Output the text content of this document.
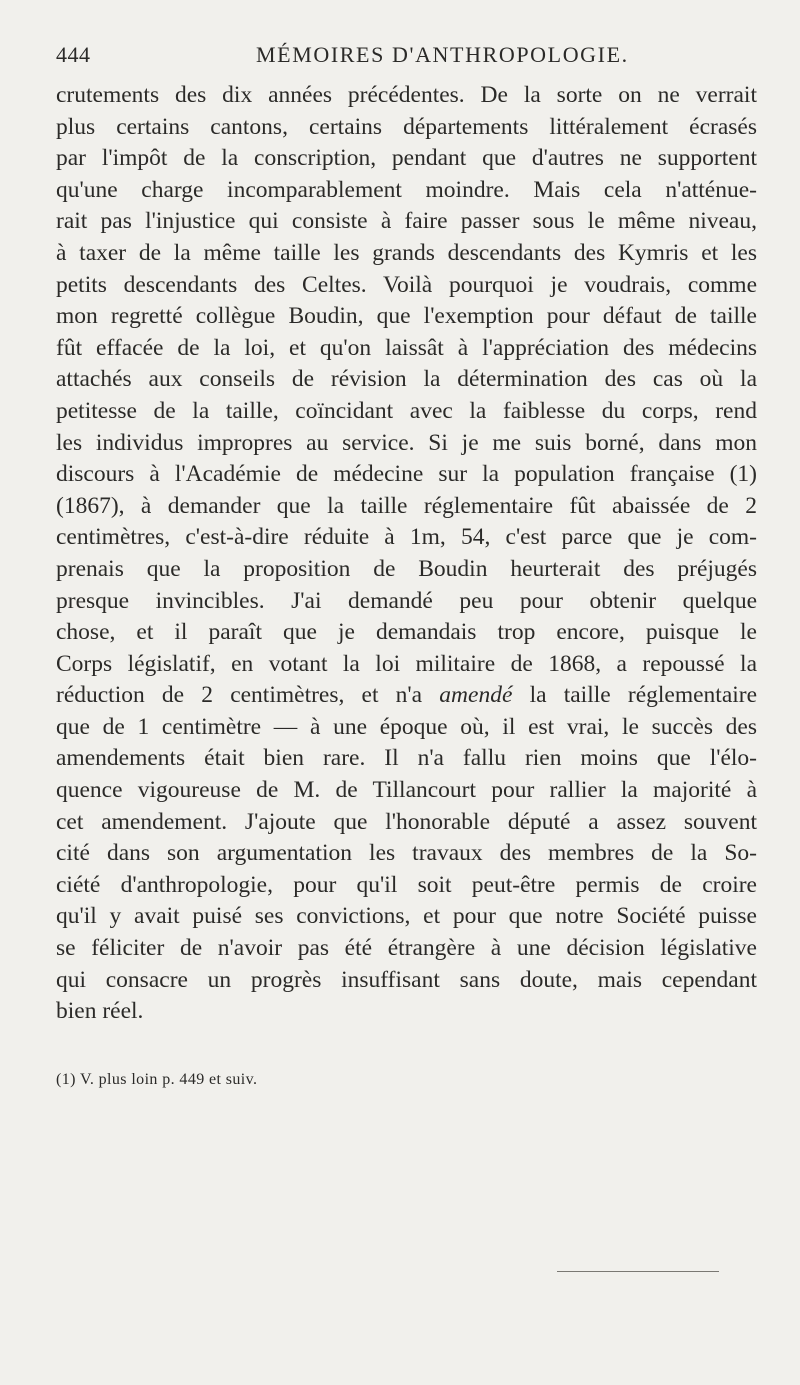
444	MÉMOIRES D'ANTHROPOLOGIE.
crutements des dix années précédentes. De la sorte on ne verrait
plus certains cantons, certains départements littéralement écrasés
par l'impôt de la conscription, pendant que d'autres ne supportent
qu'une charge incomparablement moindre. Mais cela n'atténue-
rait pas l'injustice qui consiste à faire passer sous le même niveau,
à taxer de la même taille les grands descendants des Kymris et les
petits descendants des Celtes. Voilà pourquoi je voudrais, comme
mon regretté collègue Boudin, que l'exemption pour défaut de taille
fût effacée de la loi, et qu'on laissât à l'appréciation des médecins
attachés aux conseils de révision la détermination des cas où la
petitesse de la taille, coïncidant avec la faiblesse du corps, rend
les individus impropres au service. Si je me suis borné, dans mon
discours à l'Académie de médecine sur la population française (1)
(1867), à demander que la taille réglementaire fût abaissée de 2
centimètres, c'est-à-dire réduite à 1m, 54, c'est parce que je com-
prenais que la proposition de Boudin heurterait des préjugés
presque invincibles. J'ai demandé peu pour obtenir quelque
chose, et il paraît que je demandais trop encore, puisque le
Corps législatif, en votant la loi militaire de 1868, a repoussé la
réduction de 2 centimètres, et n'a amendé la taille réglementaire
que de 1 centimètre — à une époque où, il est vrai, le succès des
amendements était bien rare. Il n'a fallu rien moins que l'élo-
quence vigoureuse de M. de Tillancourt pour rallier la majorité à
cet amendement. J'ajoute que l'honorable député a assez souvent
cité dans son argumentation les travaux des membres de la So-
ciété d'anthropologie, pour qu'il soit peut-être permis de croire
qu'il y avait puisé ses convictions, et pour que notre Société puisse
se féliciter de n'avoir pas été étrangère à une décision législative
qui consacre un progrès insuffisant sans doute, mais cependant
bien réel.
(1) V. plus loin p. 449 et suiv.
